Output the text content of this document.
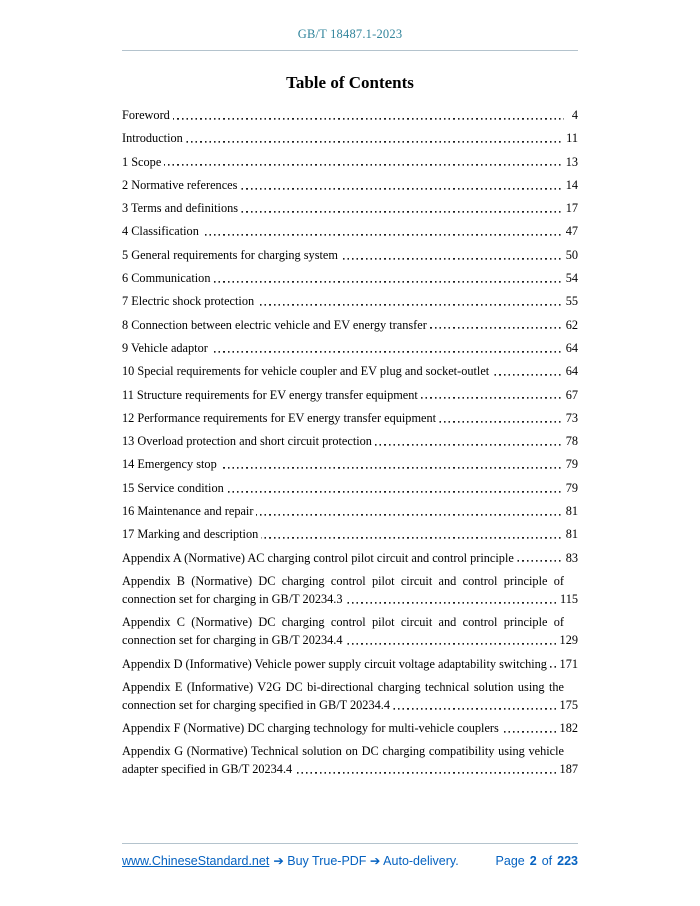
GB/T 18487.1-2023
Table of Contents
Foreword	4
Introduction	11
1 Scope	13
2 Normative references	14
3 Terms and definitions	17
4 Classification	47
5 General requirements for charging system	50
6 Communication	54
7 Electric shock protection	55
8 Connection between electric vehicle and EV energy transfer	62
9 Vehicle adaptor	64
10 Special requirements for vehicle coupler and EV plug and socket-outlet	64
11 Structure requirements for EV energy transfer equipment	67
12 Performance requirements for EV energy transfer equipment	73
13 Overload protection and short circuit protection	78
14 Emergency stop	79
15 Service condition	79
16 Maintenance and repair	81
17 Marking and description	81
Appendix A (Normative) AC charging control pilot circuit and control principle	83
Appendix B (Normative) DC charging control pilot circuit and control principle of connection set for charging in GB/T 20234.3	115
Appendix C (Normative) DC charging control pilot circuit and control principle of connection set for charging in GB/T 20234.4	129
Appendix D (Informative) Vehicle power supply circuit voltage adaptability switching 171
Appendix E (Informative) V2G DC bi-directional charging technical solution using the connection set for charging specified in GB/T 20234.4	175
Appendix F (Normative) DC charging technology for multi-vehicle couplers	182
Appendix G (Normative) Technical solution on DC charging compatibility using vehicle adapter specified in GB/T 20234.4	187
www.ChineseStandard.net ➔ Buy True-PDF ➔ Auto-delivery.	Page 2 of 223
